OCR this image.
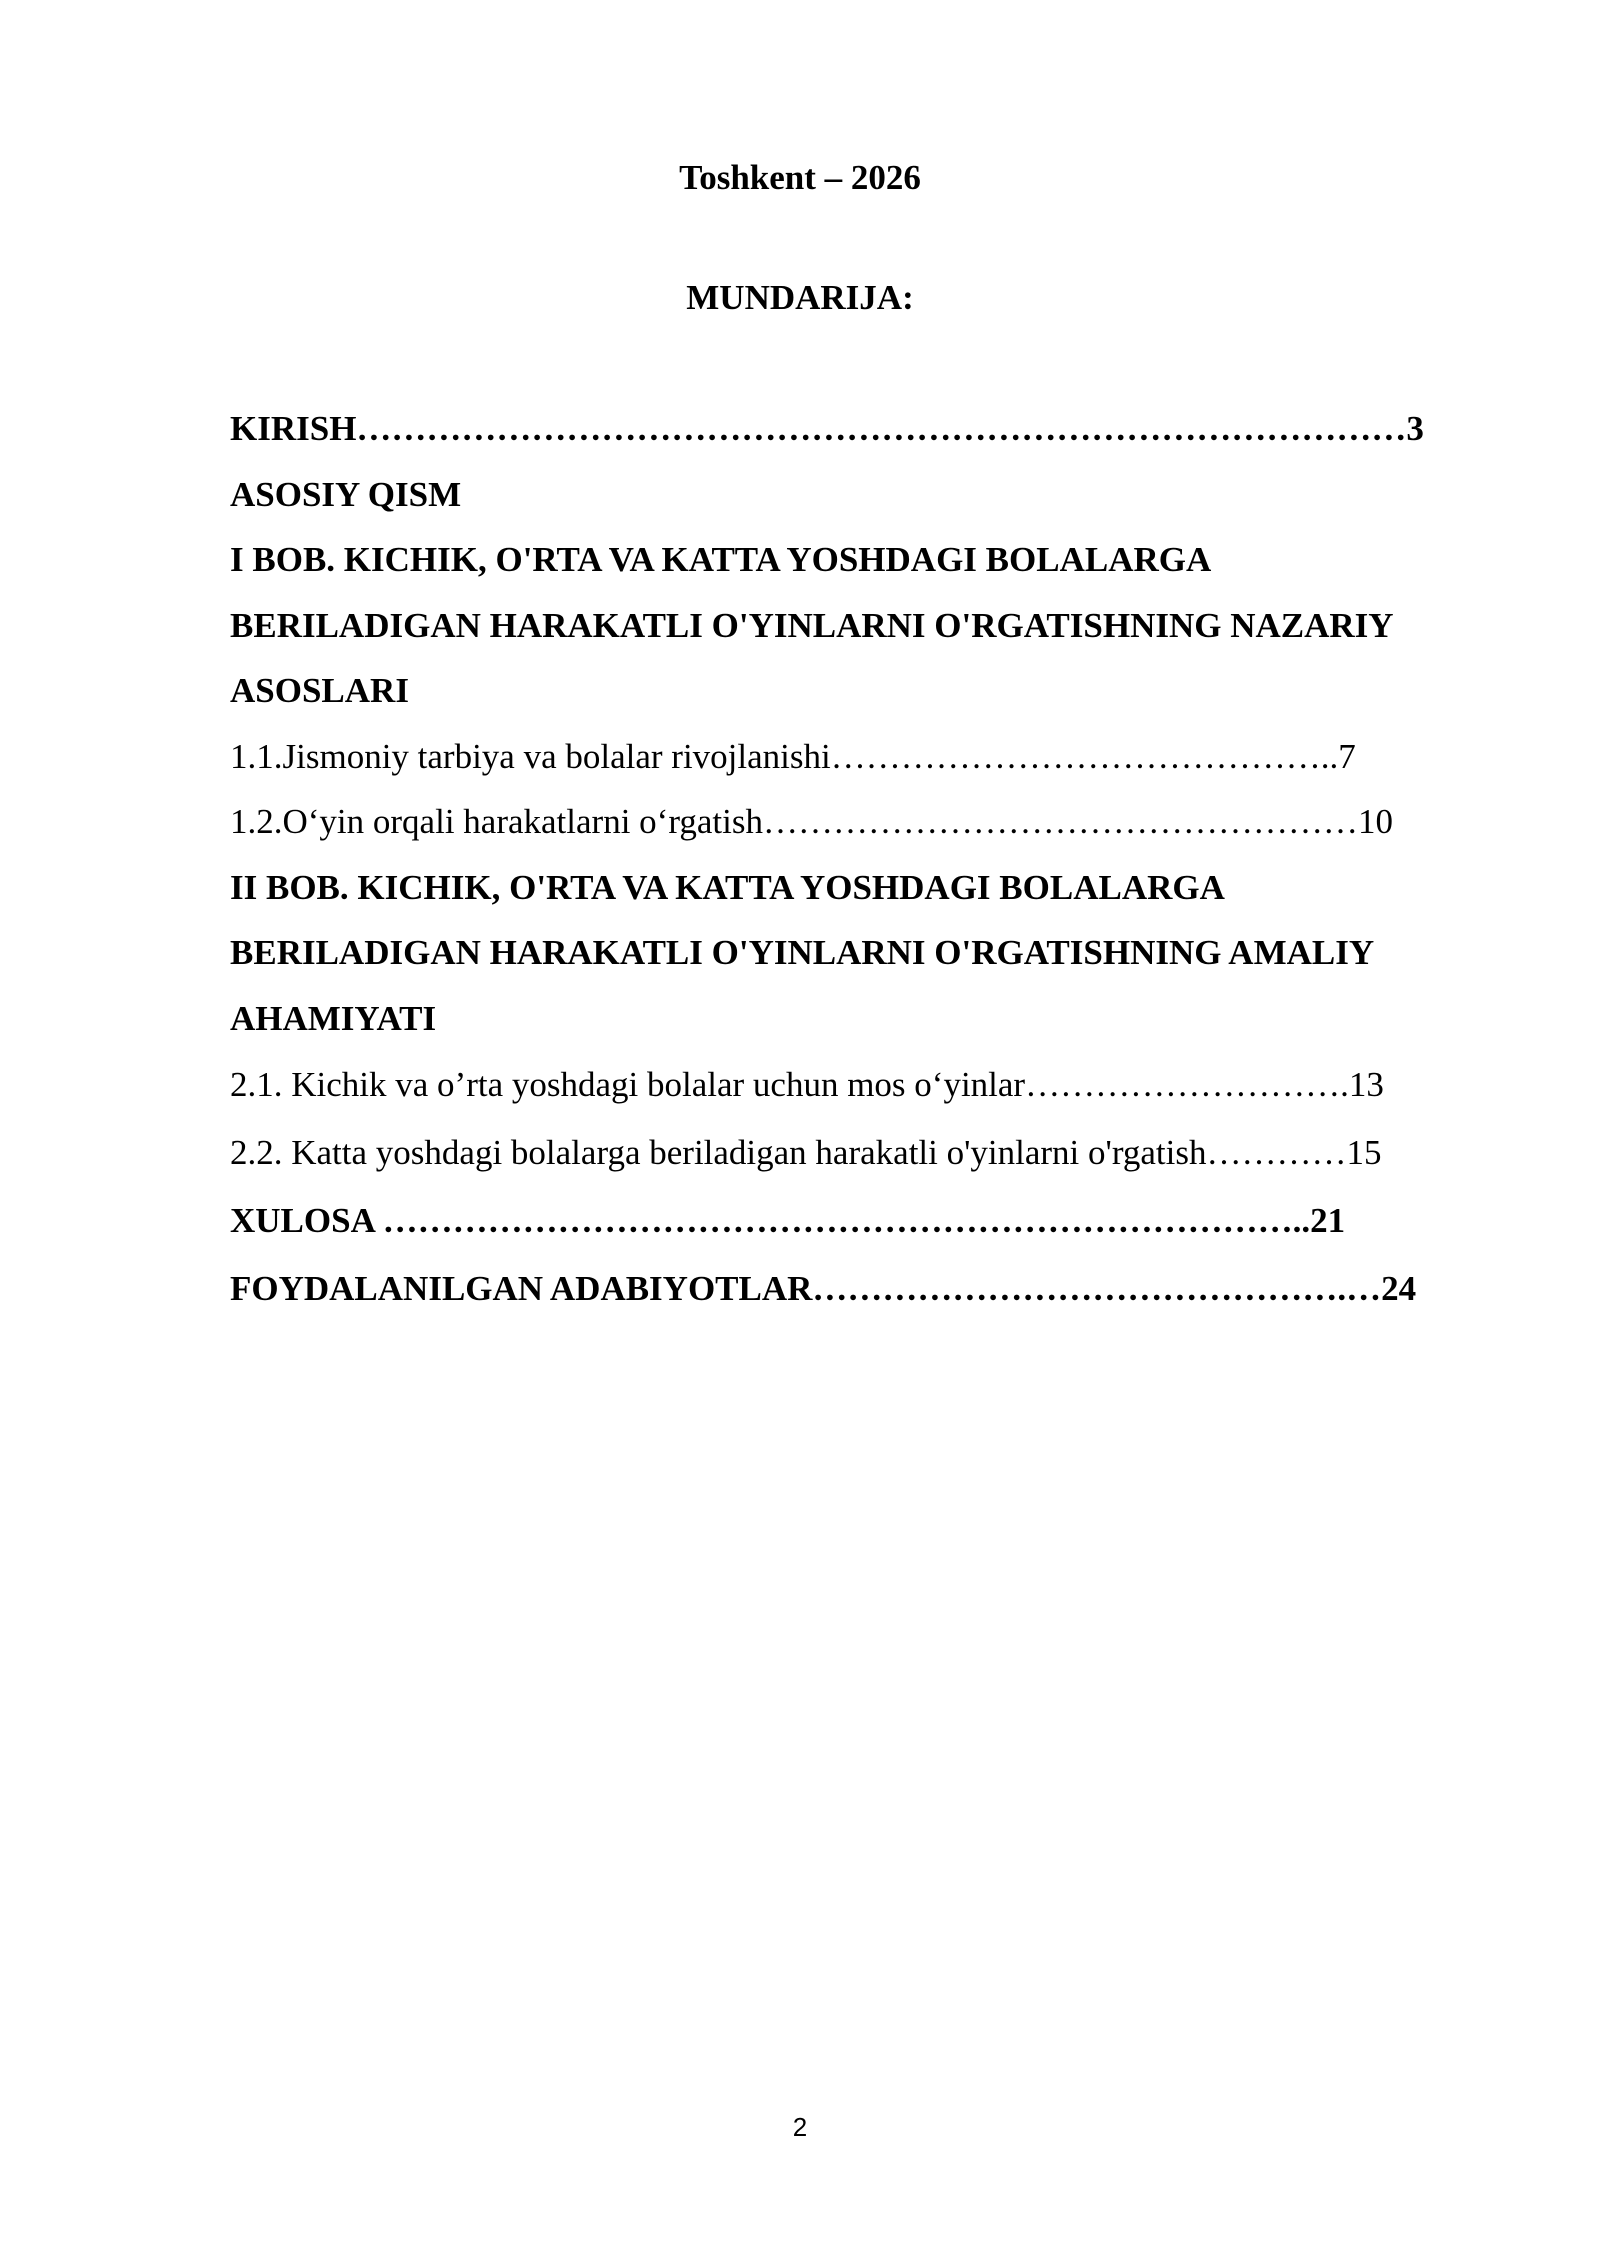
Toshkent – 2026
MUNDARIJA:
KIRISH………………………………………………………………………………3
ASOSIY QISM
I BOB. KICHIK, O'RTA VA KATTA YOSHDAGI BOLALARGA
BERILADIGAN HARAKATLI O'YINLARNI O'RGATISHNING NAZARIY
ASOSLARI
1.1.Jismoniy tarbiya va bolalar rivojlanishi……………………………………..7
1.2.O‘yin orqali harakatlarni o‘rgatish……………………………………………10
II BOB. KICHIK, O'RTA VA KATTA YOSHDAGI BOLALARGA
BERILADIGAN HARAKATLI O'YINLARNI O'RGATISHNING AMALIY
AHAMIYATI
2.1. Kichik va o’rta yoshdagi bolalar uchun mos o‘yinlar……………………….13
2.2. Katta yoshdagi bolalarga beriladigan harakatli o'yinlarni o'rgatish…………15
XULOSA ……………………………………………………………………..21
FOYDALANILGAN ADABIYOTLAR……………………………………….…24
2
